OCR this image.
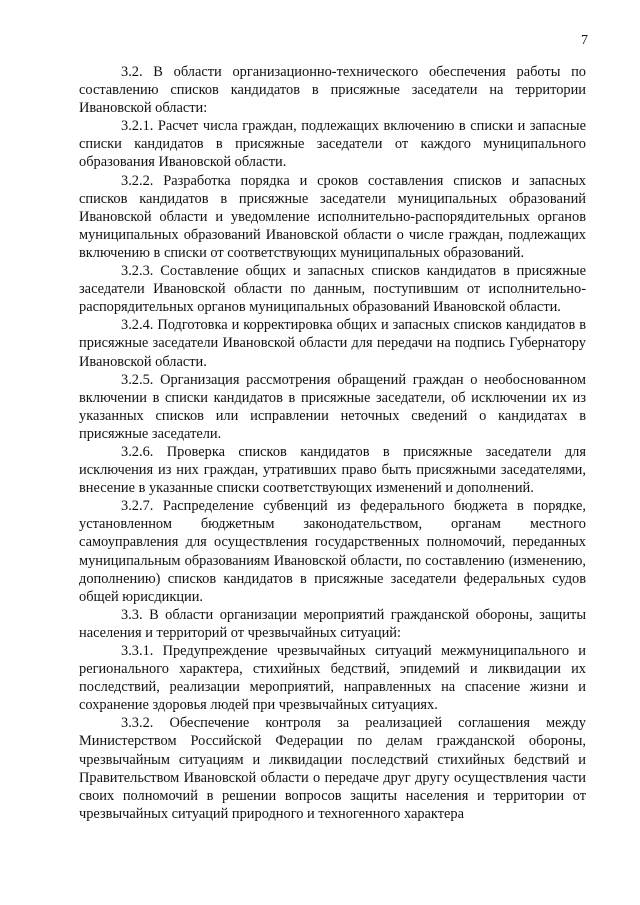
7

3.2. В области организационно-технического обеспечения работы по составлению списков кандидатов в присяжные заседатели на территории Ивановской области:

3.2.1. Расчет числа граждан, подлежащих включению в списки и запасные списки кандидатов в присяжные заседатели от каждого муниципального образования Ивановской области.

3.2.2. Разработка порядка и сроков составления списков и запасных списков кандидатов в присяжные заседатели муниципальных образований Ивановской области и уведомление исполнительно-распорядительных органов муниципальных образований Ивановской области о числе граждан, подлежащих включению в списки от соответствующих муниципальных образований.

3.2.3. Составление общих и запасных списков кандидатов в присяжные заседатели Ивановской области по данным, поступившим от исполнительно-распорядительных органов муниципальных образований Ивановской области.

3.2.4. Подготовка и корректировка общих и запасных списков кандидатов в присяжные заседатели Ивановской области для передачи на подпись Губернатору Ивановской области.

3.2.5. Организация рассмотрения обращений граждан о необоснованном включении в списки кандидатов в присяжные заседатели, об исключении их из указанных списков или исправлении неточных сведений о кандидатах в присяжные заседатели.

3.2.6. Проверка списков кандидатов в присяжные заседатели для исключения из них граждан, утративших право быть присяжными заседателями, внесение в указанные списки соответствующих изменений и дополнений.

3.2.7. Распределение субвенций из федерального бюджета в порядке, установленном бюджетным законодательством, органам местного самоуправления для осуществления государственных полномочий, переданных муниципальным образованиям Ивановской области, по составлению (изменению, дополнению) списков кандидатов в присяжные заседатели федеральных судов общей юрисдикции.

3.3. В области организации мероприятий гражданской обороны, защиты населения и территорий от чрезвычайных ситуаций:

3.3.1. Предупреждение чрезвычайных ситуаций межмуниципального и регионального характера, стихийных бедствий, эпидемий и ликвидации их последствий, реализации мероприятий, направленных на спасение жизни и сохранение здоровья людей при чрезвычайных ситуациях.

3.3.2. Обеспечение контроля за реализацией соглашения между Министерством Российской Федерации по делам гражданской обороны, чрезвычайным ситуациям и ликвидации последствий стихийных бедствий и Правительством Ивановской области о передаче друг другу осуществления части своих полномочий в решении вопросов защиты населения и территории от чрезвычайных ситуаций природного и техногенного характера
